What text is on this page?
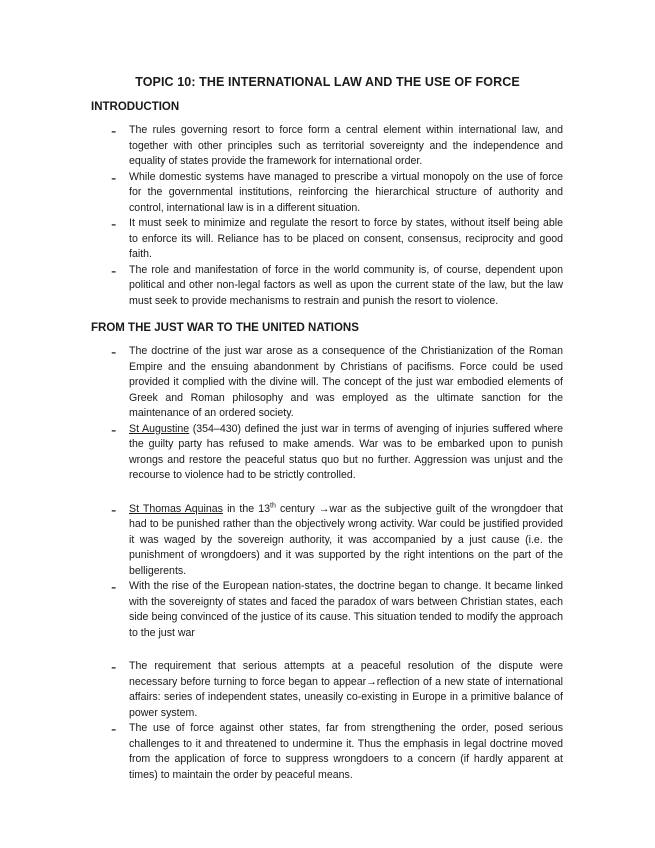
TOPIC 10: THE INTERNATIONAL LAW AND THE USE OF FORCE
INTRODUCTION
- The rules governing resort to force form a central element within international law, and together with other principles such as territorial sovereignty and the independence and equality of states provide the framework for international order.
- While domestic systems have managed to prescribe a virtual monopoly on the use of force for the governmental institutions, reinforcing the hierarchical structure of authority and control, international law is in a different situation.
- It must seek to minimize and regulate the resort to force by states, without itself being able to enforce its will. Reliance has to be placed on consent, consensus, reciprocity and good faith.
- The role and manifestation of force in the world community is, of course, dependent upon political and other non-legal factors as well as upon the current state of the law, but the law must seek to provide mechanisms to restrain and punish the resort to violence.
FROM THE JUST WAR TO THE UNITED NATIONS
- The doctrine of the just war arose as a consequence of the Christianization of the Roman Empire and the ensuing abandonment by Christians of pacifisms. Force could be used provided it complied with the divine will. The concept of the just war embodied elements of Greek and Roman philosophy and was employed as the ultimate sanction for the maintenance of an ordered society.
- St Augustine (354–430) defined the just war in terms of avenging of injuries suffered where the guilty party has refused to make amends. War was to be embarked upon to punish wrongs and restore the peaceful status quo but no further. Aggression was unjust and the recourse to violence had to be strictly controlled.
- St Thomas Aquinas in the 13th century →war as the subjective guilt of the wrongdoer that had to be punished rather than the objectively wrong activity. War could be justified provided it was waged by the sovereign authority, it was accompanied by a just cause (i.e. the punishment of wrongdoers) and it was supported by the right intentions on the part of the belligerents.
- With the rise of the European nation-states, the doctrine began to change. It became linked with the sovereignty of states and faced the paradox of wars between Christian states, each side being convinced of the justice of its cause. This situation tended to modify the approach to the just war
- The requirement that serious attempts at a peaceful resolution of the dispute were necessary before turning to force began to appear→reflection of a new state of international affairs: series of independent states, uneasily co-existing in Europe in a primitive balance of power system.
- The use of force against other states, far from strengthening the order, posed serious challenges to it and threatened to undermine it. Thus the emphasis in legal doctrine moved from the application of force to suppress wrongdoers to a concern (if hardly apparent at times) to maintain the order by peaceful means.
